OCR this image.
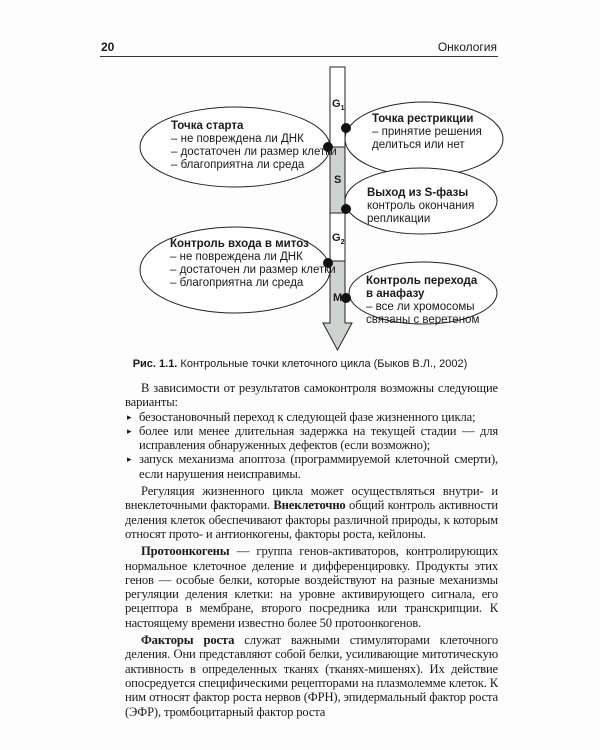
20	Онкология
$G_1$
S
$G_2$
M
Точка старта
– не повреждена ли ДНК
– достаточен ли размер клетки
– благоприятна ли среда
Точка рестрикции
– принятие решения
делиться или нет
Выход из S-фазы
контроль окончания
репликации
Контроль входа в митоз
– не повреждена ли ДНК
– достаточен ли размер клетки
– благоприятна ли среда	Контроль перехода в анафазу
– все ли хромосомы
связаны с веретеном
Рис. 1.1. Контрольные точки клеточного цикла (Быков В.Л., 2002)

В зависимости от результатов самоконтроля возможны следующие варианты:

▸ безостановочный переход к следующей фазе жизненного цикла;
▸ более или менее длительная задержка на текущей стадии — для исправления обнаруженных дефектов (если возможно);
▸ запуск механизма апоптоза (программируемой клеточной смерти), если нарушения неисправимы.

Регуляция жизненного цикла может осуществляться внутри- и внеклеточными факторами. Внеклеточно общий контроль активности деления клеток обеспечивают факторы различной природы, к которым относят прото- и антионкогены, факторы роста, кейлоны.

Протоонкогены — группа генов-активаторов, контролирующих нормальное клеточное деление и дифференцировку. Продукты этих генов — особые белки, которые воздействуют на разные механизмы регуляции деления клетки: на уровне активирующего сигнала, его рецептора в мембране, второго посредника или транскрипции. К настоящему времени известно более 50 протоонкогенов.

Факторы роста служат важными стимуляторами клеточного деления. Они представляют собой белки, усиливающие митотическую активность в определенных тканях (тканях-мишенях). Их действие опосредуется специфическими рецепторами на плазмолемме клеток. К ним относят фактор роста нервов (ФРН), эпидермальный фактор роста (ЭФР), тромбоцитарный фактор роста
